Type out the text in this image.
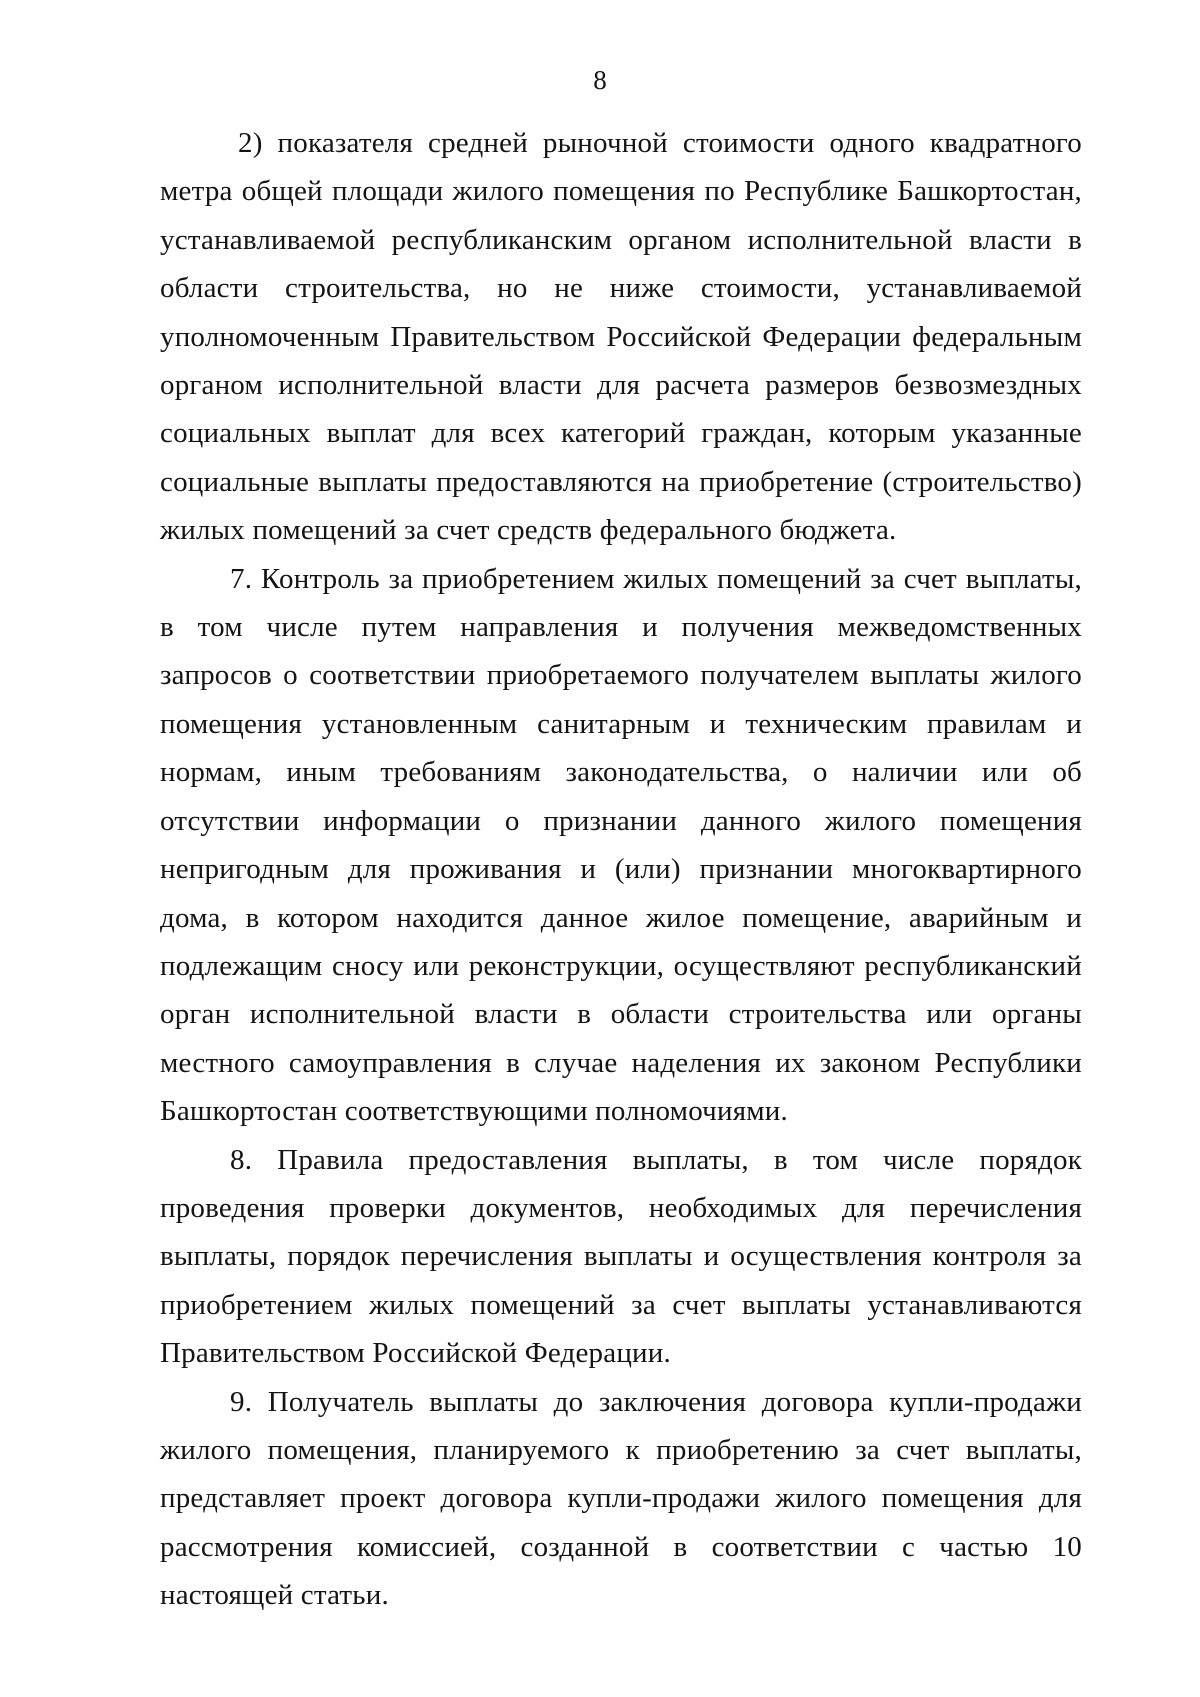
8

2) показателя средней рыночной стоимости одного квадратного метра общей площади жилого помещения по Республике Башкортостан, устанавливаемой республиканским органом исполнительной власти в области строительства, но не ниже стоимости, устанавливаемой уполномоченным Правительством Российской Федерации федеральным органом исполнительной власти для расчета размеров безвозмездных социальных выплат для всех категорий граждан, которым указанные социальные выплаты предоставляются на приобретение (строительство) жилых помещений за счет средств федерального бюджета.

7. Контроль за приобретением жилых помещений за счет выплаты, в том числе путем направления и получения межведомственных запросов о соответствии приобретаемого получателем выплаты жилого помещения установленным санитарным и техническим правилам и нормам, иным требованиям законодательства, о наличии или об отсутствии информации о признании данного жилого помещения непригодным для проживания и (или) признании многоквартирного дома, в котором находится данное жилое помещение, аварийным и подлежащим сносу или реконструкции, осуществляют республиканский орган исполнительной власти в области строительства или органы местного самоуправления в случае наделения их законом Республики Башкортостан соответствующими полномочиями.

8. Правила предоставления выплаты, в том числе порядок проведения проверки документов, необходимых для перечисления выплаты, порядок перечисления выплаты и осуществления контроля за приобретением жилых помещений за счет выплаты устанавливаются Правительством Российской Федерации.

9. Получатель выплаты до заключения договора купли-продажи жилого помещения, планируемого к приобретению за счет выплаты, представляет проект договора купли-продажи жилого помещения для рассмотрения комиссией, созданной в соответствии с частью 10 настоящей статьи.
